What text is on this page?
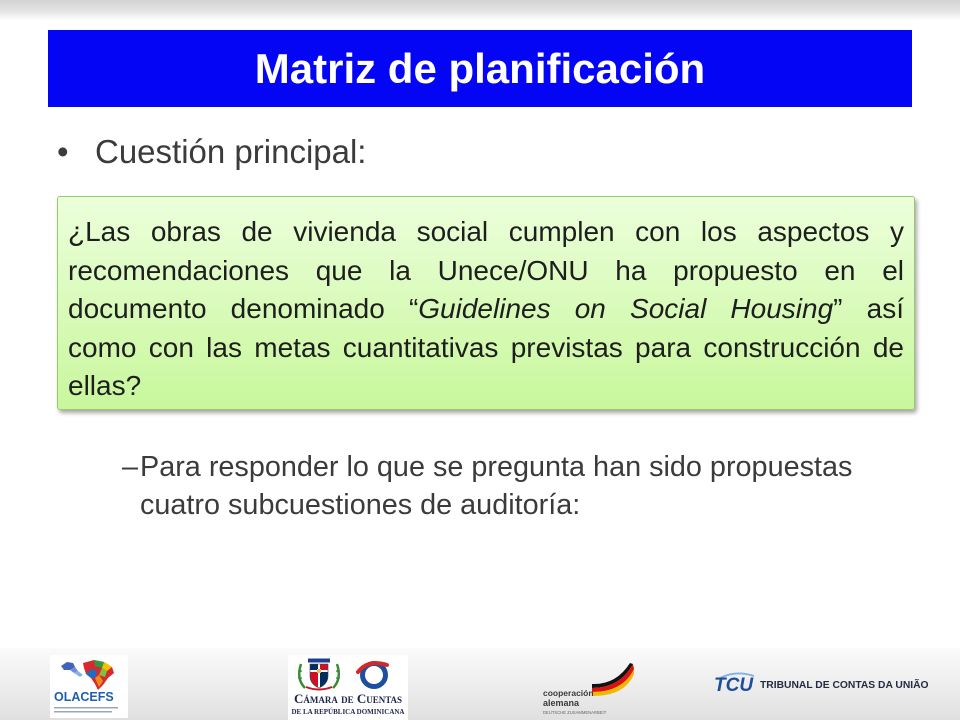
Matriz de planificación
• Cuestión principal:
¿Las obras de vivienda social cumplen con los aspectos y
recomendaciones que la Unece/ONU ha propuesto en el
documento denominado “Guidelines on Social Housing” así
como con las metas cuantitativas previstas para construcción de
ellas?
– Para responder lo que se pregunta han sido propuestas cuatro subcuestiones de auditoría:
OLACEFS	Cámara de Cuentas
DE LA REPÚBLICA DOMINICANA
cooperación
alemana
DEUTSCHE ZUSAMMENARBEIT
TCU TRIBUNAL DE CONTAS DA UNIÃO
